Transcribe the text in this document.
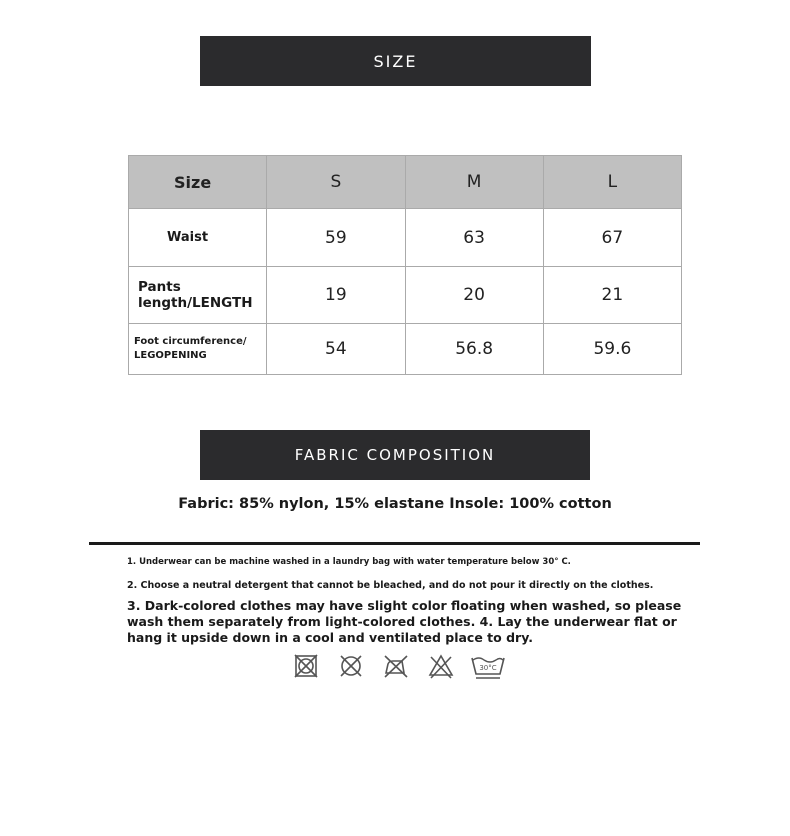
SIZE
Size	S	M	L
Waist	59	63	67
Pants length/LENGTH	19	20	21

Foot circumference/
LEGOPENING	54	56.8	59.6
FABRIC COMPOSITION
Fabric: 85% nylon, 15% elastane Insole: 100% cotton
1. Underwear can be machine washed in a laundry bag with water temperature below 30° C.
2. Choose a neutral detergent that cannot be bleached, and do not pour it directly on the clothes.
3. Dark-colored clothes may have slight color floating when washed, so please wash them separately from light-colored clothes. 4. Lay the underwear flat or hang it upside down in a cool and ventilated place to dry.
30°C
